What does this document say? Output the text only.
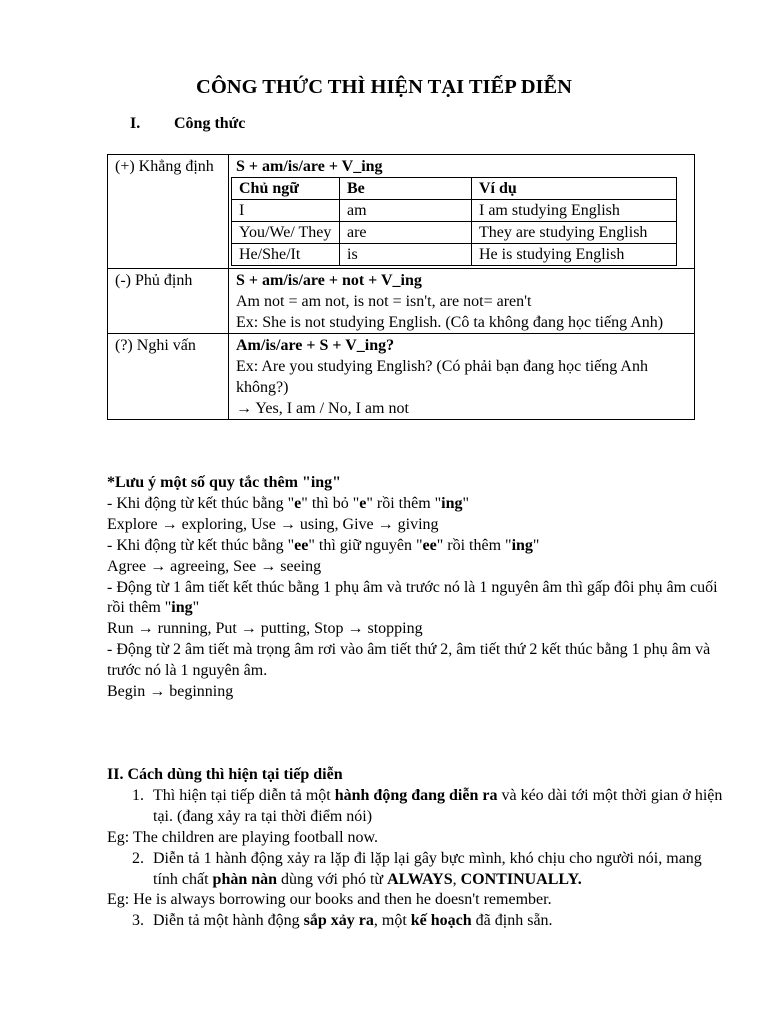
CÔNG THỨC THÌ HIỆN TẠI TIẾP DIỄN
I. Công thức
(+) Khẳng định	S + am/is/are + V_ing
Chủ ngữ	Be	Ví dụ
I	am	I am studying English
You/We/ They	are	They are studying English
He/She/It	is	He is studying English

(-) Phủ định	S + am/is/are + not + V_ing
Am not = am not, is not = isn't, are not= aren't
Ex: She is not studying English. (Cô ta không đang học tiếng Anh)

(?) Nghi vấn	Am/is/are + S + V_ing?
Ex: Are you studying English? (Có phải bạn đang học tiếng Anh không?)
→ Yes, I am / No, I am not
*Lưu ý một số quy tắc thêm "ing"
- Khi động từ kết thúc bằng "e" thì bỏ "e" rồi thêm "ing"
Explore → exploring, Use → using, Give → giving
- Khi động từ kết thúc bằng "ee" thì giữ nguyên "ee" rồi thêm "ing"
Agree → agreeing, See → seeing
- Động từ 1 âm tiết kết thúc bằng 1 phụ âm và trước nó là 1 nguyên âm thì gấp đôi phụ âm cuối
rồi thêm "ing"
Run → running, Put → putting, Stop → stopping
- Động từ 2 âm tiết mà trọng âm rơi vào âm tiết thứ 2, âm tiết thứ 2 kết thúc bằng 1 phụ âm và
trước nó là 1 nguyên âm.
Begin → beginning
II. Cách dùng thì hiện tại tiếp diễn
1. Thì hiện tại tiếp diễn tả một hành động đang diễn ra và kéo dài tới một thời gian ở hiện tại. (đang xảy ra tại thời điểm nói)
Eg: The children are playing football now.
2. Diễn tả 1 hành động xảy ra lặp đi lặp lại gây bực mình, khó chịu cho người nói, mang tính chất phàn nàn dùng với phó từ ALWAYS, CONTINUALLY.
Eg: He is always borrowing our books and then he doesn't remember.
3. Diễn tả một hành động sắp xảy ra, một kế hoạch đã định sẵn.
